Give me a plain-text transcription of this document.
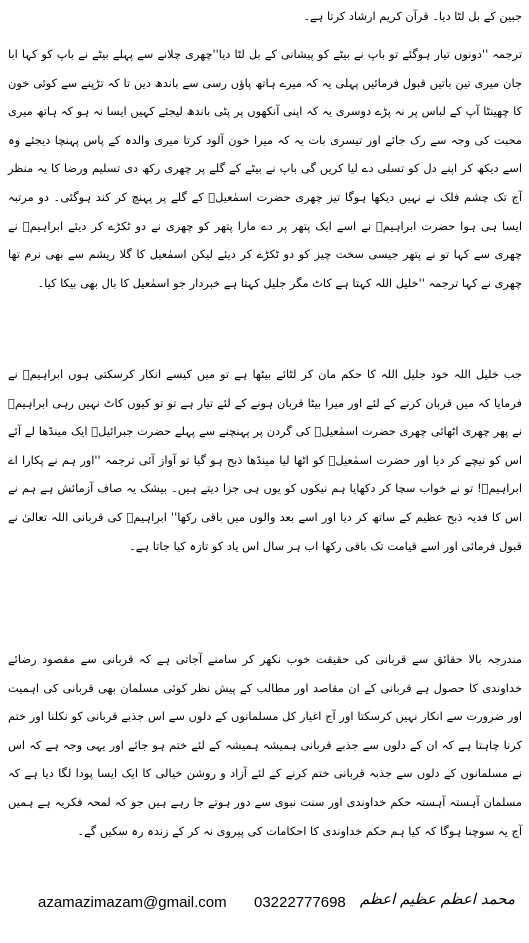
جبین کے بل لٹا دیا۔ قرآن کریم ارشاد کرتا ہے۔

ترجمہ ''دونوں تیار ہوگئے تو باپ نے بیٹے کو پیشانی کے بل لٹا دیا''چھری چلانے سے پہلے بیٹے نے باپ کو کہا ابا جان میری تین باتیں قبول فرمائیں پہلی یہ کہ میرے ہاتھ پاؤں رسی سے باندھ دیں تا کہ تڑپنے سے کوئی خون کا چھینٹا آپ کے لباس پر نہ پڑے دوسری یہ کہ اپنی آنکھوں پر پٹی باندھ لیجئے کہیں ایسا نہ ہو کہ ہاتھ میری محبت کی وجہ سے رک جائے اور تیسری بات یہ کہ میرا خون آلود کرتا میری والدہ کے پاس پہنچا دیجئے وہ اسے دیکھ کر اپنے دل کو تسلی دے لیا کریں گی باپ نے بیٹے کے گلے پر چھری رکھ دی تسلیم ورضا کا یہ منظر آج تک چشم فلک نے نہیں دیکھا ہوگا تیز چھری حضرت اسمٰعیلؑ کے گلے پر پہنچ کر کند ہوگئی۔ دو مرتبہ ایسا ہی ہوا حضرت ابراہیمؑ نے اسے ایک پتھر پر دے مارا پتھر کو چھری نے دو ٹکڑے کر دیئے ابراہیمؑ نے چھری سے کہا تو نے پتھر جیسی سخت چیز کو دو ٹکڑے کر دیئے لیکن اسمٰعیل کا گلا ریشم سے بھی نرم تھا چھری نے کہا ترجمہ ''خلیل اللہ کہتا ہے کاٹ مگر جلیل کہتا ہے خبردار جو اسمٰعیل کا بال بھی بیکا کیا۔

جب خلیل اللہ خود جلیل اللہ کا حکم مان کر لٹائے بیٹھا ہے تو میں کیسے انکار کرسکتی ہوں ابراہیمؑ نے فرمایا کہ میں قربان کرنے کے لئے اور میرا بیٹا قربان ہونے کے لئے تیار ہے تو تو کیوں کاٹ نہیں رہی ابراہیمؑ نے پھر چھری اٹھائی چھری حضرت اسمٰعیلؑ کی گردن پر پہنچنے سے پہلے حضرت جبرائیلؑ ایک مینڈھا لے آئے اس کو نیچے کر دیا اور حضرت اسمٰعیلؑ کو اٹھا لیا مینڈھا ذبح ہو گیا تو آواز آئی ترجمہ ''اور ہم نے پکارا اے ابراہیمؑ! تو نے خواب سچا کر دکھایا ہم نیکوں کو یوں ہی جزا دیتے ہیں۔ بیشک یہ صاف آزمائش ہے ہم نے اس کا فدیہ ذبح عظیم کے ساتھ کر دیا اور اسے بعد والوں میں باقی رکھا'' ابراہیمؑ کی قربانی اللہ تعالیٰ نے قبول فرمائی اور اسے قیامت تک باقی رکھا اب ہر سال اس یاد کو تازہ کیا جاتا ہے۔

مندرجہ بالا حقائق سے قربانی کی حقیقت خوب نکھر کر سامنے آجاتی ہے کہ قربانی سے مقصود رضائے خداوندی کا حصول ہے قربانی کے ان مقاصد اور مطالب کے پیش نظر کوئی مسلمان بھی قربانی کی اہمیت اور ضرورت سے انکار نہیں کرسکتا اور آج اغیار کل مسلمانوں کے دلوں سے اس جذبے قربانی کو نکلنا اور ختم کرنا چاہتا ہے کہ ان کے دلوں سے جذبے قربانی ہمیشہ ہمیشہ کے لئے ختم ہو جائے اور یہی وجہ ہے کہ اس نے مسلمانوں کے دلوں سے جذبہ قربانی ختم کرنے کے لئے آزاد و روشن خیالی کا ایک ایسا پودا لگا دیا ہے کہ مسلمان آہستہ آہستہ حکم خداوندی اور سنت نبوی سے دور ہوتے جا رہے ہیں جو کہ لمحہ فکریہ ہے ہمیں آج یہ سوچنا ہوگا کہ کیا ہم حکم خداوندی کا احکامات کی پیروی نہ کر کے زندہ رہ سکیں گے۔

azamazimazam@gmail.com 03222777698 محمد اعظم عظیم اعظم
